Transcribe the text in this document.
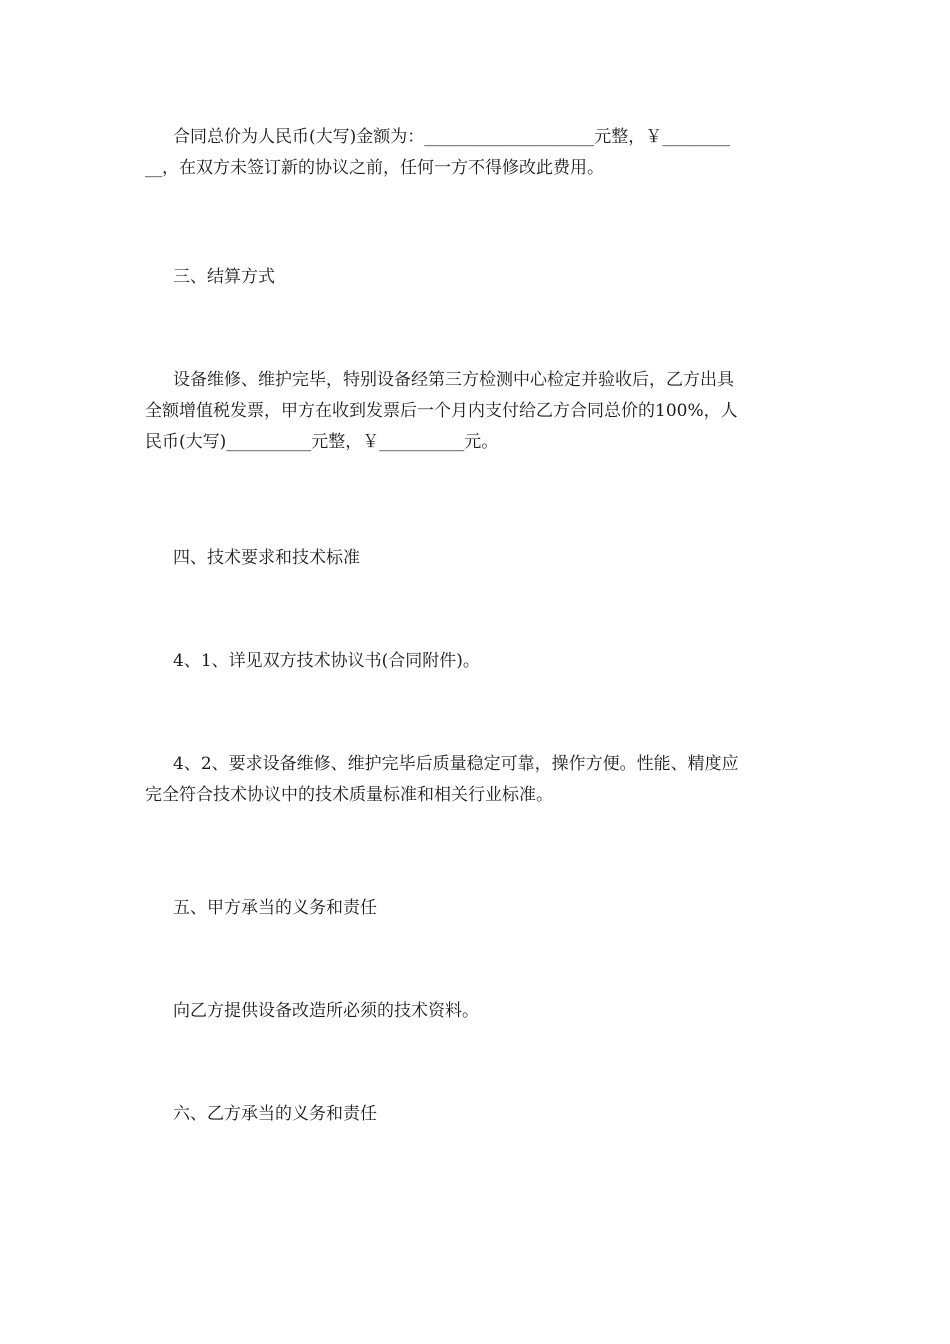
合同总价为人民币(大写)金额为：____________________元整，￥________
__，在双方未签订新的协议之前，任何一方不得修改此费用。

三、结算方式

设备维修、维护完毕，特别设备经第三方检测中心检定并验收后，乙方出具
全额增值税发票，甲方在收到发票后一个月内支付给乙方合同总价的100%，人
民币(大写)__________元整，￥__________元。

四、技术要求和技术标准

4、1、详见双方技术协议书(合同附件)。

4、2、要求设备维修、维护完毕后质量稳定可靠，操作方便。性能、精度应
完全符合技术协议中的技术质量标准和相关行业标准。

五、甲方承当的义务和责任

向乙方提供设备改造所必须的技术资料。

六、乙方承当的义务和责任
